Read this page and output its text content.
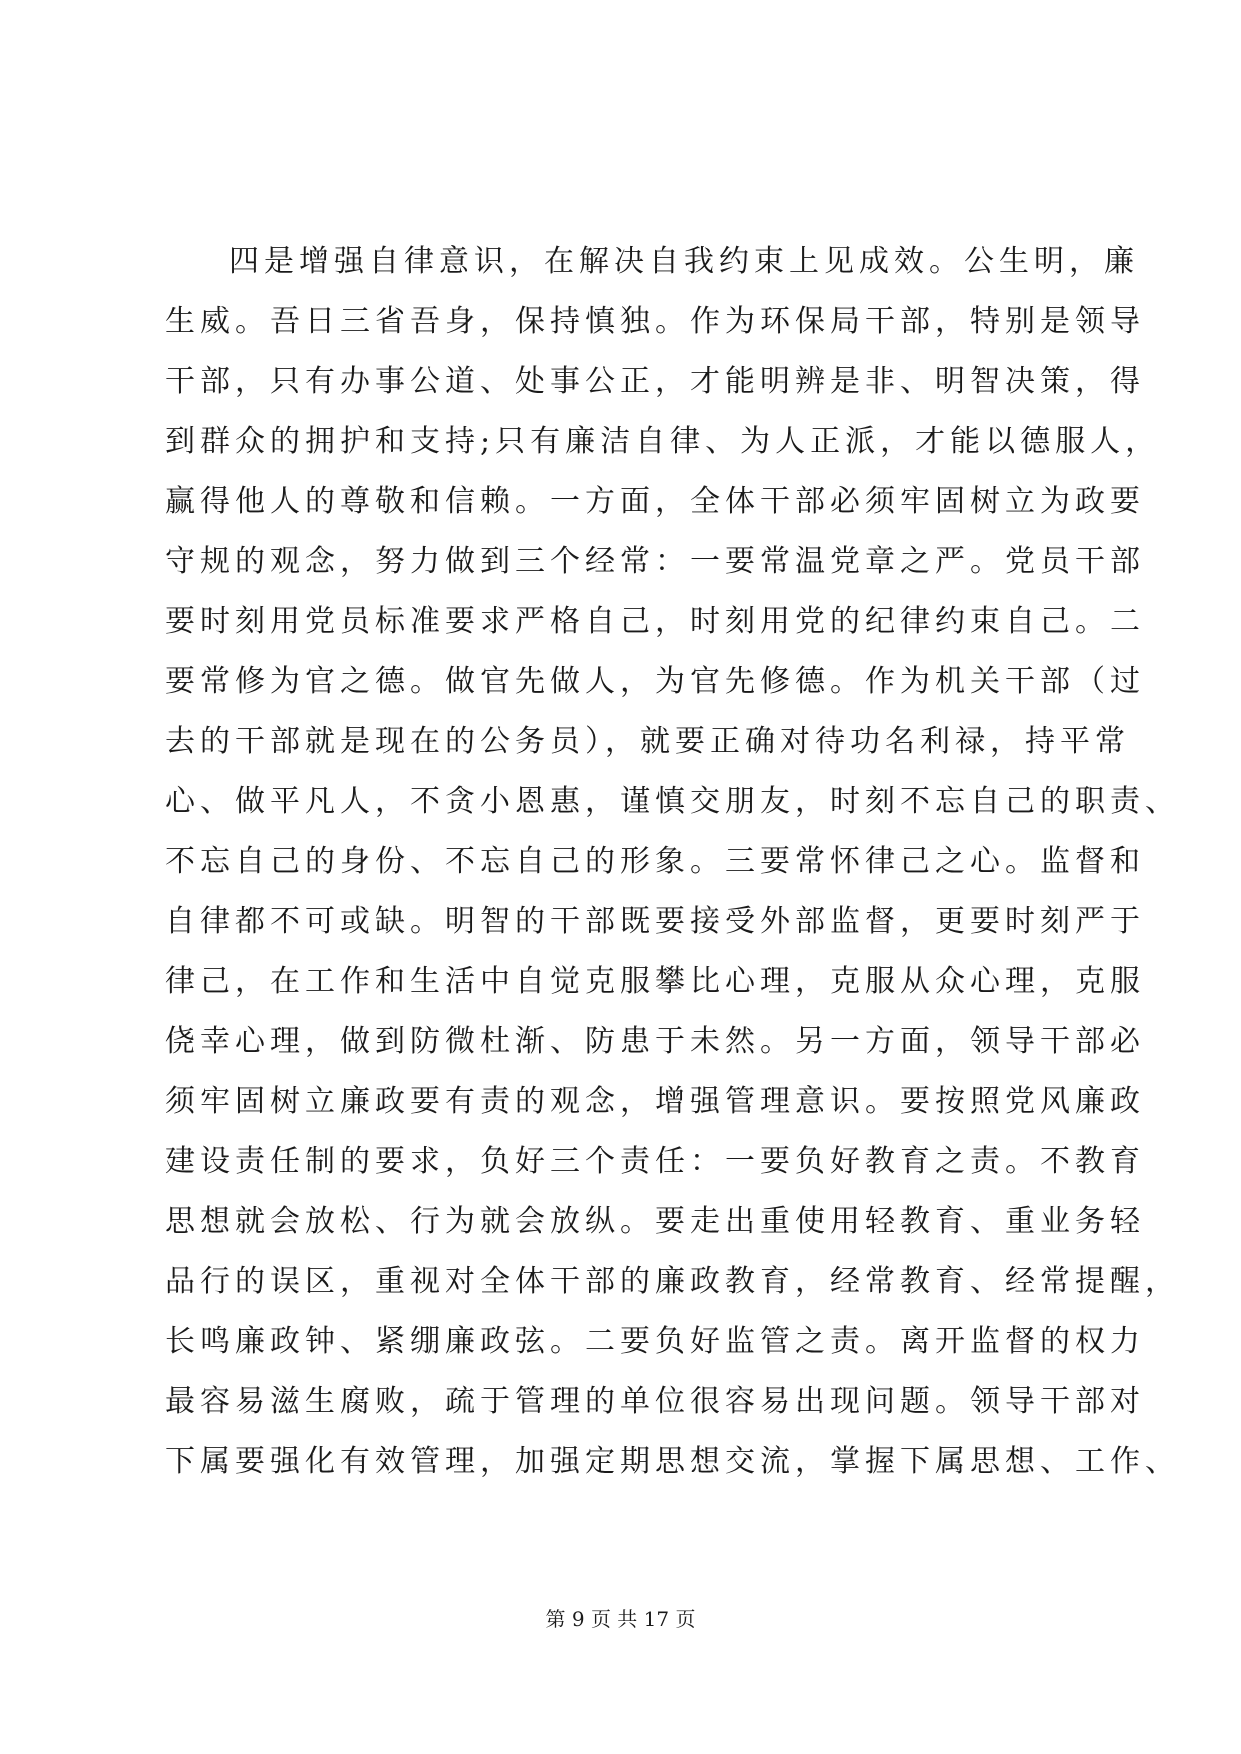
四是增强自律意识，在解决自我约束上见成效。公生明，廉
生威。吾日三省吾身，保持慎独。作为环保局干部，特别是领导
干部，只有办事公道、处事公正，才能明辨是非、明智决策，得
到群众的拥护和支持;只有廉洁自律、为人正派，才能以德服人，
赢得他人的尊敬和信赖。一方面，全体干部必须牢固树立为政要
守规的观念，努力做到三个经常：一要常温党章之严。党员干部
要时刻用党员标准要求严格自己，时刻用党的纪律约束自己。二
要常修为官之德。做官先做人，为官先修德。作为机关干部（过
去的干部就是现在的公务员），就要正确对待功名利禄，持平常
心、做平凡人，不贪小恩惠，谨慎交朋友，时刻不忘自己的职责、
不忘自己的身份、不忘自己的形象。三要常怀律己之心。监督和
自律都不可或缺。明智的干部既要接受外部监督，更要时刻严于
律己，在工作和生活中自觉克服攀比心理，克服从众心理，克服
侥幸心理，做到防微杜渐、防患于未然。另一方面，领导干部必
须牢固树立廉政要有责的观念，增强管理意识。要按照党风廉政
建设责任制的要求，负好三个责任：一要负好教育之责。不教育
思想就会放松、行为就会放纵。要走出重使用轻教育、重业务轻
品行的误区，重视对全体干部的廉政教育，经常教育、经常提醒，
长鸣廉政钟、紧绷廉政弦。二要负好监管之责。离开监督的权力
最容易滋生腐败，疏于管理的单位很容易出现问题。领导干部对
下属要强化有效管理，加强定期思想交流，掌握下属思想、工作、
第 9 页 共 17 页
